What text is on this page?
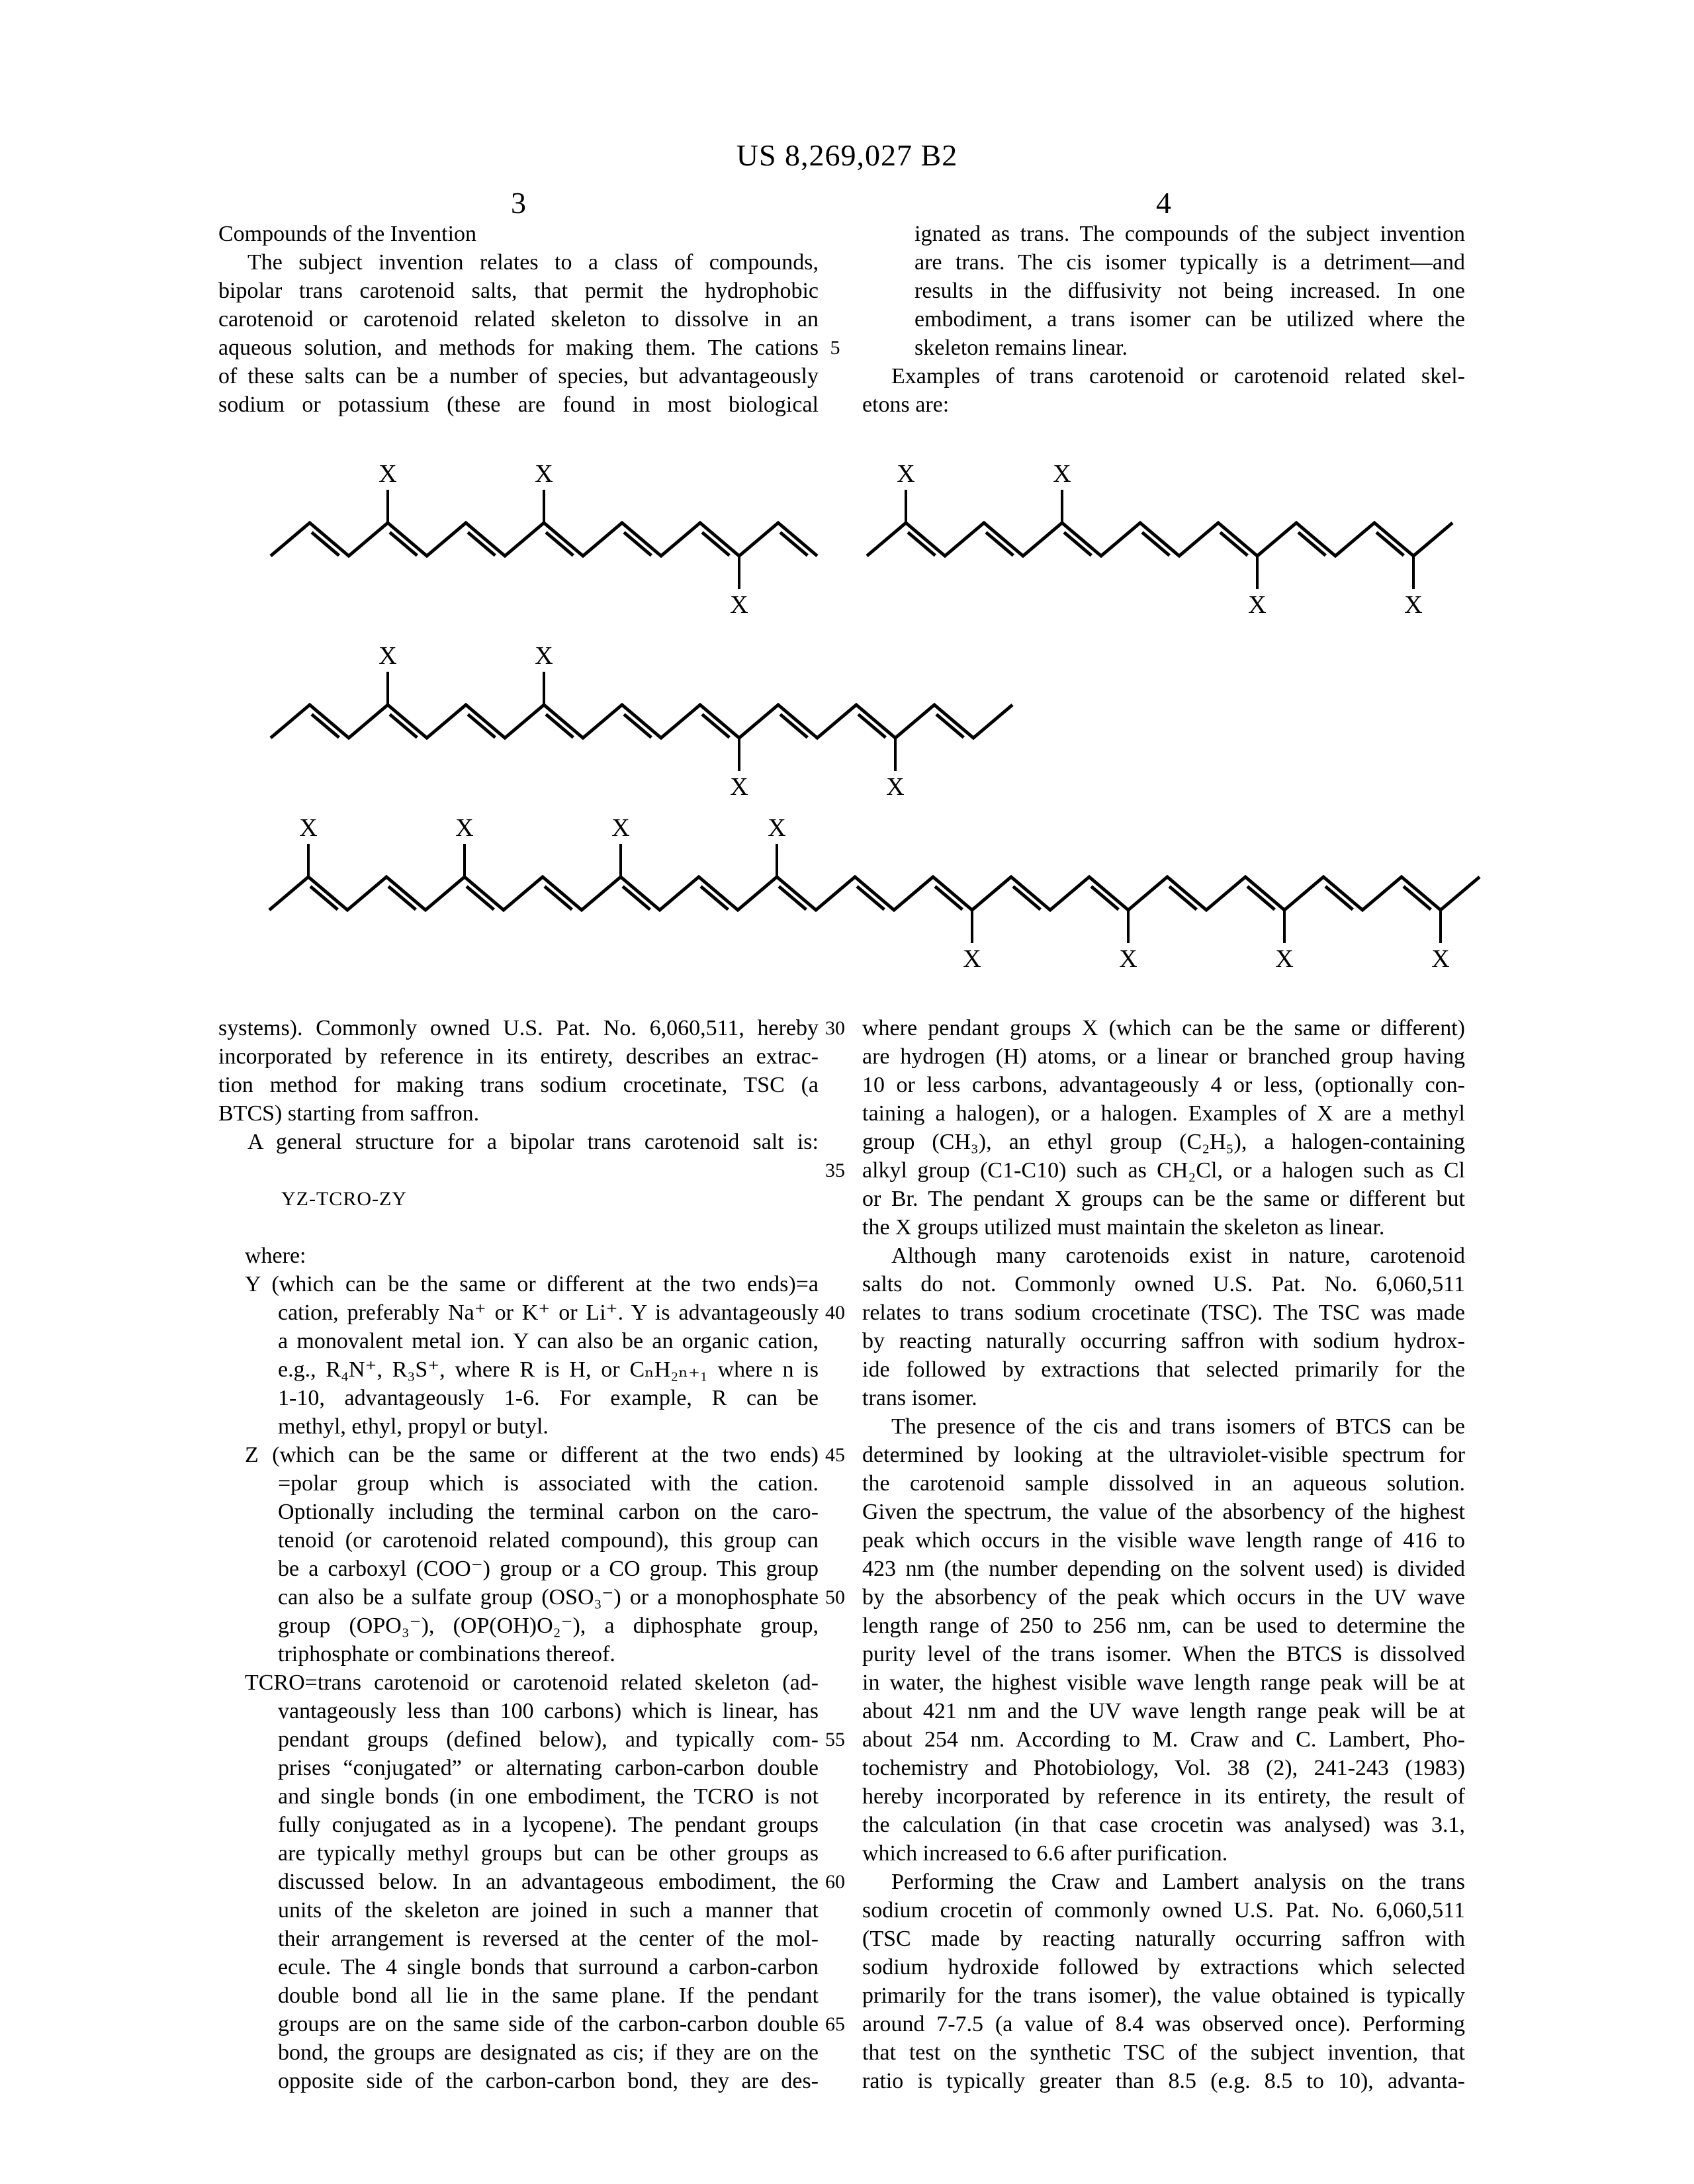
US 8,269,027 B2
3	4
Compounds of the Invention
The subject invention relates to a class of compounds,
bipolar trans carotenoid salts, that permit the hydrophobic
carotenoid or carotenoid related skeleton to dissolve in an
aqueous solution, and methods for making them. The cations
of these salts can be a number of species, but advantageously
sodium or potassium (these are found in most biological
ignated as trans. The compounds of the subject invention
are trans. The cis isomer typically is a detriment—and
results in the diffusivity not being increased. In one
embodiment, a trans isomer can be utilized where the
skeleton remains linear.
Examples of trans carotenoid or carotenoid related skel-
etons are:
X	X
X
X	X
X	X
X	X
X	X
X	X	X	X
X	X	X	X
systems). Commonly owned U.S. Pat. No. 6,060,511, hereby
incorporated by reference in its entirety, describes an extrac-
tion method for making trans sodium crocetinate, TSC (a
BTCS) starting from saffron.
A general structure for a bipolar trans carotenoid salt is:

YZ-TCRO-ZY

where:
Y (which can be the same or different at the two ends)=a
cation, preferably Na⁺ or K⁺ or Li⁺. Y is advantageously
a monovalent metal ion. Y can also be an organic cation,
e.g., R₄N⁺, R₃S⁺, where R is H, or CₙH₂ₙ₊₁ where n is
1-10, advantageously 1-6. For example, R can be
methyl, ethyl, propyl or butyl.
Z (which can be the same or different at the two ends)
=polar group which is associated with the cation.
Optionally including the terminal carbon on the caro-
tenoid (or carotenoid related compound), this group can
be a carboxyl (COO⁻) group or a CO group. This group
can also be a sulfate group (OSO₃⁻) or a monophosphate
group (OPO₃⁻), (OP(OH)O₂⁻), a diphosphate group,
triphosphate or combinations thereof.
TCRO=trans carotenoid or carotenoid related skeleton (ad-
vantageously less than 100 carbons) which is linear, has
pendant groups (defined below), and typically com-
prises “conjugated” or alternating carbon-carbon double
and single bonds (in one embodiment, the TCRO is not
fully conjugated as in a lycopene). The pendant groups
are typically methyl groups but can be other groups as
discussed below. In an advantageous embodiment, the
units of the skeleton are joined in such a manner that
their arrangement is reversed at the center of the mol-
ecule. The 4 single bonds that surround a carbon-carbon
double bond all lie in the same plane. If the pendant
groups are on the same side of the carbon-carbon double
bond, the groups are designated as cis; if they are on the
opposite side of the carbon-carbon bond, they are des-
where pendant groups X (which can be the same or different)
are hydrogen (H) atoms, or a linear or branched group having
10 or less carbons, advantageously 4 or less, (optionally con-
taining a halogen), or a halogen. Examples of X are a methyl
group (CH₃), an ethyl group (C₂H₅), a halogen-containing
alkyl group (C1-C10) such as CH₂Cl, or a halogen such as Cl
or Br. The pendant X groups can be the same or different but
the X groups utilized must maintain the skeleton as linear.
Although many carotenoids exist in nature, carotenoid
salts do not. Commonly owned U.S. Pat. No. 6,060,511
relates to trans sodium crocetinate (TSC). The TSC was made
by reacting naturally occurring saffron with sodium hydrox-
ide followed by extractions that selected primarily for the
trans isomer.
The presence of the cis and trans isomers of BTCS can be
determined by looking at the ultraviolet-visible spectrum for
the carotenoid sample dissolved in an aqueous solution.
Given the spectrum, the value of the absorbency of the highest
peak which occurs in the visible wave length range of 416 to
423 nm (the number depending on the solvent used) is divided
by the absorbency of the peak which occurs in the UV wave
length range of 250 to 256 nm, can be used to determine the
purity level of the trans isomer. When the BTCS is dissolved
in water, the highest visible wave length range peak will be at
about 421 nm and the UV wave length range peak will be at
about 254 nm. According to M. Craw and C. Lambert, Pho-
tochemistry and Photobiology, Vol. 38 (2), 241-243 (1983)
hereby incorporated by reference in its entirety, the result of
the calculation (in that case crocetin was analysed) was 3.1,
which increased to 6.6 after purification.
Performing the Craw and Lambert analysis on the trans
sodium crocetin of commonly owned U.S. Pat. No. 6,060,511
(TSC made by reacting naturally occurring saffron with
sodium hydroxide followed by extractions which selected
primarily for the trans isomer), the value obtained is typically
around 7-7.5 (a value of 8.4 was observed once). Performing
that test on the synthetic TSC of the subject invention, that
ratio is typically greater than 8.5 (e.g. 8.5 to 10), advanta-
5
30
35
40
45
50
55
60
65
